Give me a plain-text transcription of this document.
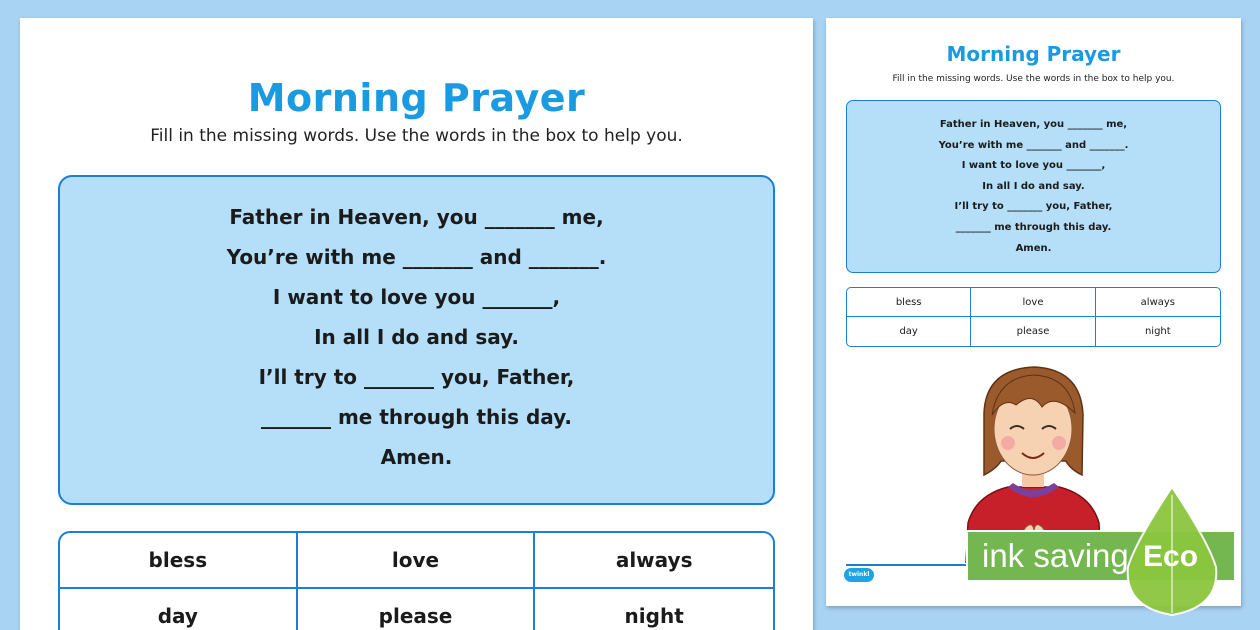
Morning Prayer
Fill in the missing words. Use the words in the box to help you.
Father in Heaven, you _______ me,
You’re with me _______ and _______.
I want to love you _______,
In all I do and say.
I’ll try to _______ you, Father,
_______ me through this day.
Amen.
bless	love	always
day	please	night
Morning Prayer
Fill in the missing words. Use the words in the box to help you.
Father in Heaven, you _______ me,
You’re with me _______ and _______.
I want to love you _______,
In all I do and say.
I’ll try to _______ you, Father,
_______ me through this day.
Amen.
bless	love	always
day	please	night
twinkl
ink saving Eco
